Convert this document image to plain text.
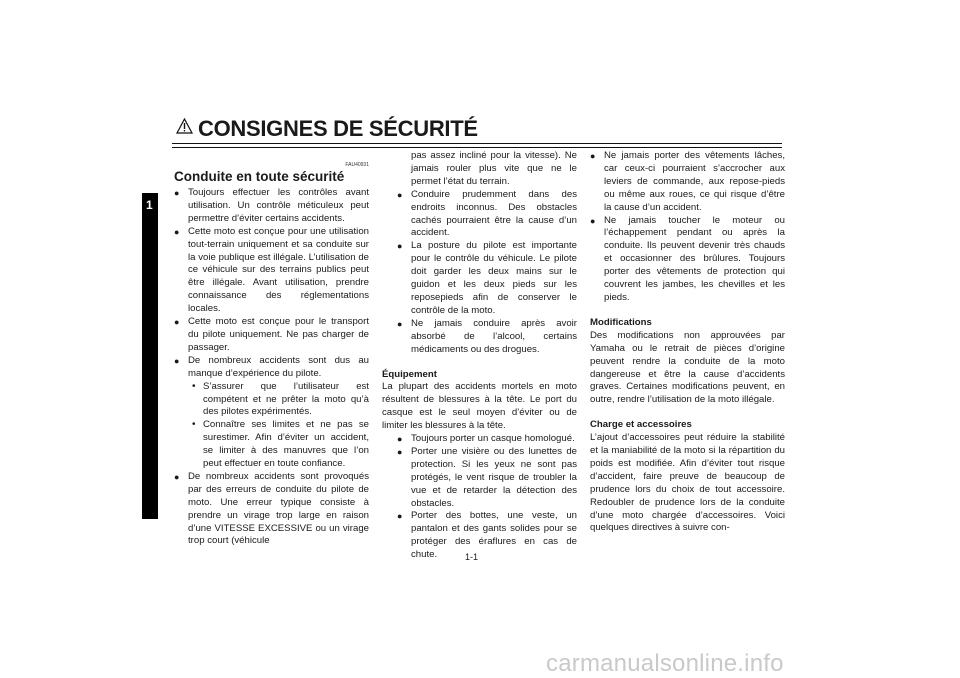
CONSIGNES DE SÉCURITÉ
1
FAU40931
Conduite en toute sécurité
● Toujours effectuer les contrôles avant utilisation. Un contrôle méticuleux peut permettre d’éviter certains accidents.
● Cette moto est conçue pour une utilisation tout-terrain uniquement et sa conduite sur la voie publique est illégale. L’utilisation de ce véhicule sur des terrains publics peut être illégale. Avant utilisation, prendre connaissance des réglementations locales.
● Cette moto est conçue pour le transport du pilote uniquement. Ne pas charger de passager.
● De nombreux accidents sont dus au manque d’expérience du pilote.
• S’assurer que l’utilisateur est compétent et ne prêter la moto qu’à des pilotes expérimentés.
• Connaître ses limites et ne pas se surestimer. Afin d’éviter un accident, se limiter à des manuvres que l’on peut effectuer en toute confiance.
● De nombreux accidents sont provoqués par des erreurs de conduite du pilote de moto. Une erreur typique consiste à prendre un virage trop large en raison d’une VITESSE EXCESSIVE ou un virage trop court (véhicule
pas assez incliné pour la vitesse). Ne jamais rouler plus vite que ne le permet l’état du terrain.
● Conduire prudemment dans des endroits inconnus. Des obstacles cachés pourraient être la cause d’un accident.
● La posture du pilote est importante pour le contrôle du véhicule. Le pilote doit garder les deux mains sur le guidon et les deux pieds sur les reposepieds afin de conserver le contrôle de la moto.
● Ne jamais conduire après avoir absorbé de l’alcool, certains médicaments ou des drogues.
Équipement
La plupart des accidents mortels en moto résultent de blessures à la tête. Le port du casque est le seul moyen d’éviter ou de limiter les blessures à la tête.
● Toujours porter un casque homologué.
● Porter une visière ou des lunettes de protection. Si les yeux ne sont pas protégés, le vent risque de troubler la vue et de retarder la détection des obstacles.
● Porter des bottes, une veste, un pantalon et des gants solides pour se protéger des éraflures en cas de chute.
● Ne jamais porter des vêtements lâches, car ceux-ci pourraient s’accrocher aux leviers de commande, aux repose-pieds ou même aux roues, ce qui risque d’être la cause d’un accident.
● Ne jamais toucher le moteur ou l’échappement pendant ou après la conduite. Ils peuvent devenir très chauds et occasionner des brûlures. Toujours porter des vêtements de protection qui couvrent les jambes, les chevilles et les pieds.
Modifications
Des modifications non approuvées par Yamaha ou le retrait de pièces d’origine peuvent rendre la conduite de la moto dangereuse et être la cause d’accidents graves. Certaines modifications peuvent, en outre, rendre l’utilisation de la moto illégale.
Charge et accessoires
L’ajout d’accessoires peut réduire la stabilité et la maniabilité de la moto si la répartition du poids est modifiée. Afin d’éviter tout risque d’accident, faire preuve de beaucoup de prudence lors du choix de tout accessoire. Redoubler de prudence lors de la conduite d’une moto chargée d’accessoires. Voici quelques directives à suivre con-
1-1
carmanualsonline.info
